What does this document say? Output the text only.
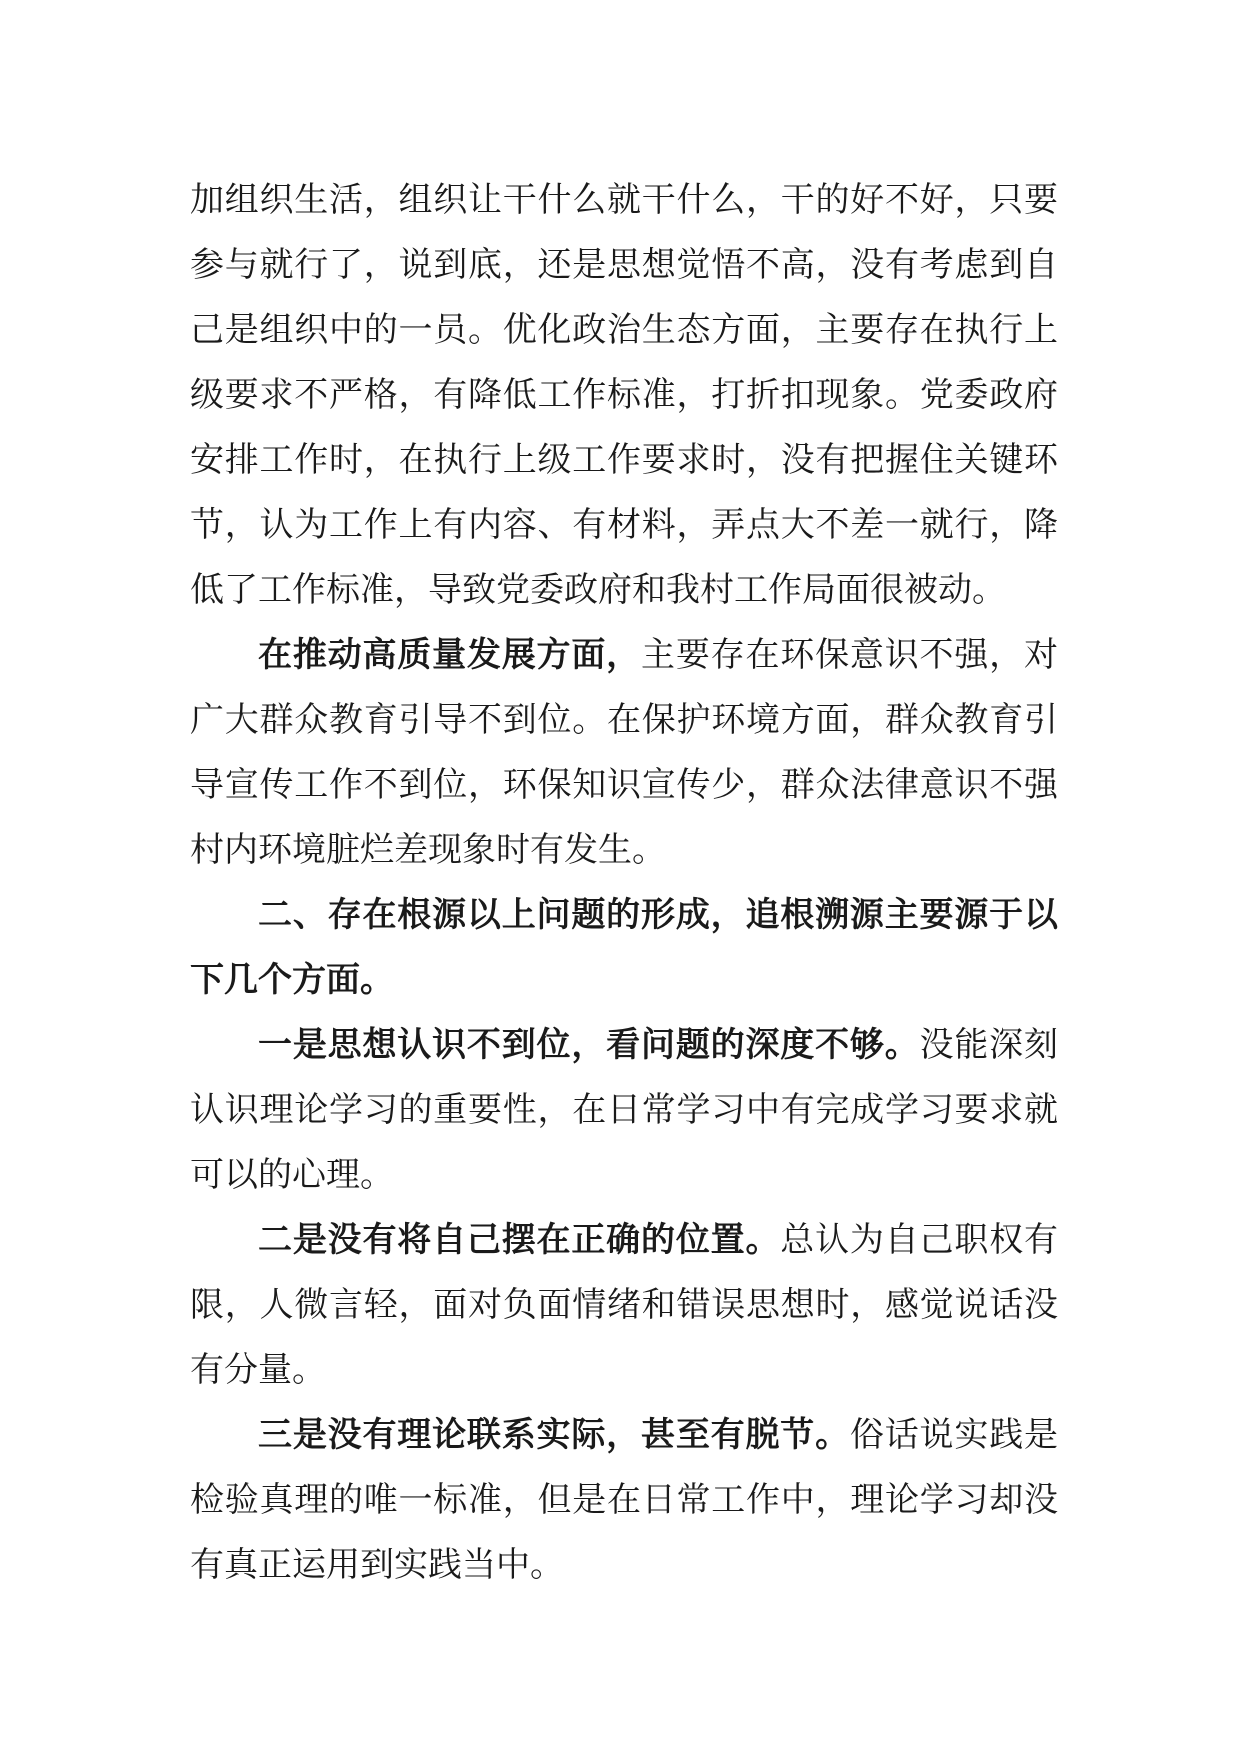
加组织生活，组织让干什么就干什么，干的好不好，只要参与就行了，说到底，还是思想觉悟不高，没有考虑到自己是组织中的一员。优化政治生态方面，主要存在执行上级要求不严格，有降低工作标准，打折扣现象。党委政府安排工作时，在执行上级工作要求时，没有把握住关键环节，认为工作上有内容、有材料，弄点大不差一就行，降低了工作标准，导致党委政府和我村工作局面很被动。

在推动高质量发展方面，主要存在环保意识不强，对广大群众教育引导不到位。在保护环境方面，群众教育引导宣传工作不到位，环保知识宣传少，群众法律意识不强村内环境脏烂差现象时有发生。

二、存在根源以上问题的形成，追根溯源主要源于以下几个方面。

一是思想认识不到位，看问题的深度不够。没能深刻认识理论学习的重要性，在日常学习中有完成学习要求就可以的心理。

二是没有将自己摆在正确的位置。总认为自己职权有限，人微言轻，面对负面情绪和错误思想时，感觉说话没有分量。

三是没有理论联系实际，甚至有脱节。俗话说实践是检验真理的唯一标准，但是在日常工作中，理论学习却没有真正运用到实践当中。
